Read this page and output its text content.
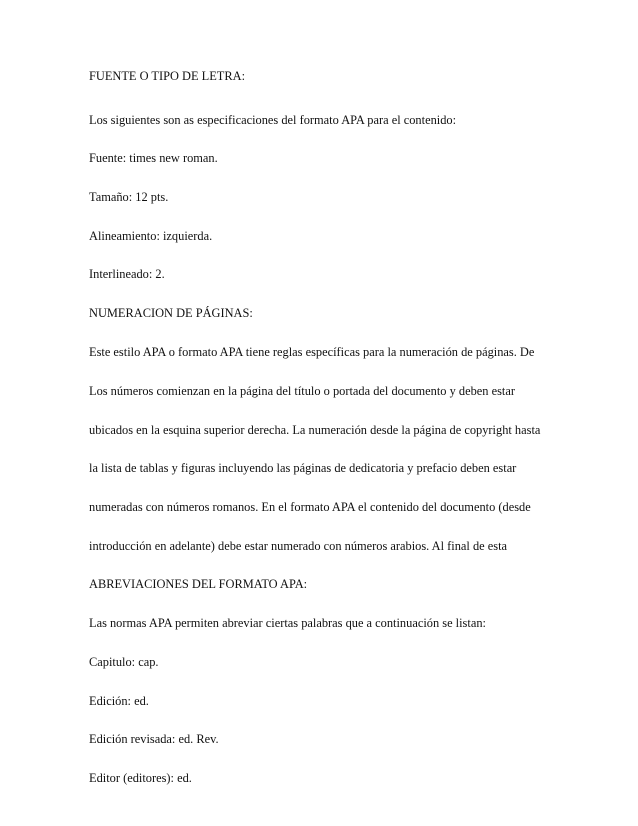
FUENTE O TIPO DE LETRA:
Los siguientes son as especificaciones del formato APA para el contenido:
Fuente: times new roman.
Tamaño: 12 pts.
Alineamiento: izquierda.
Interlineado: 2.
NUMERACION DE PÁGINAS:
Este estilo APA o formato APA tiene reglas específicas para la numeración de páginas. De
Los números comienzan en la página del título o portada del documento y deben estar
ubicados en la esquina superior derecha. La numeración desde la página de copyright hasta
la lista de tablas y figuras incluyendo las páginas de dedicatoria y prefacio deben estar
numeradas con números romanos. En el formato APA el contenido del documento (desde
introducción en adelante) debe estar numerado con números arabios. Al final de esta
ABREVIACIONES DEL FORMATO APA:
Las normas APA permiten abreviar ciertas palabras que a continuación se listan:
Capitulo: cap.
Edición: ed.
Edición revisada: ed. Rev.
Editor (editores): ed.
